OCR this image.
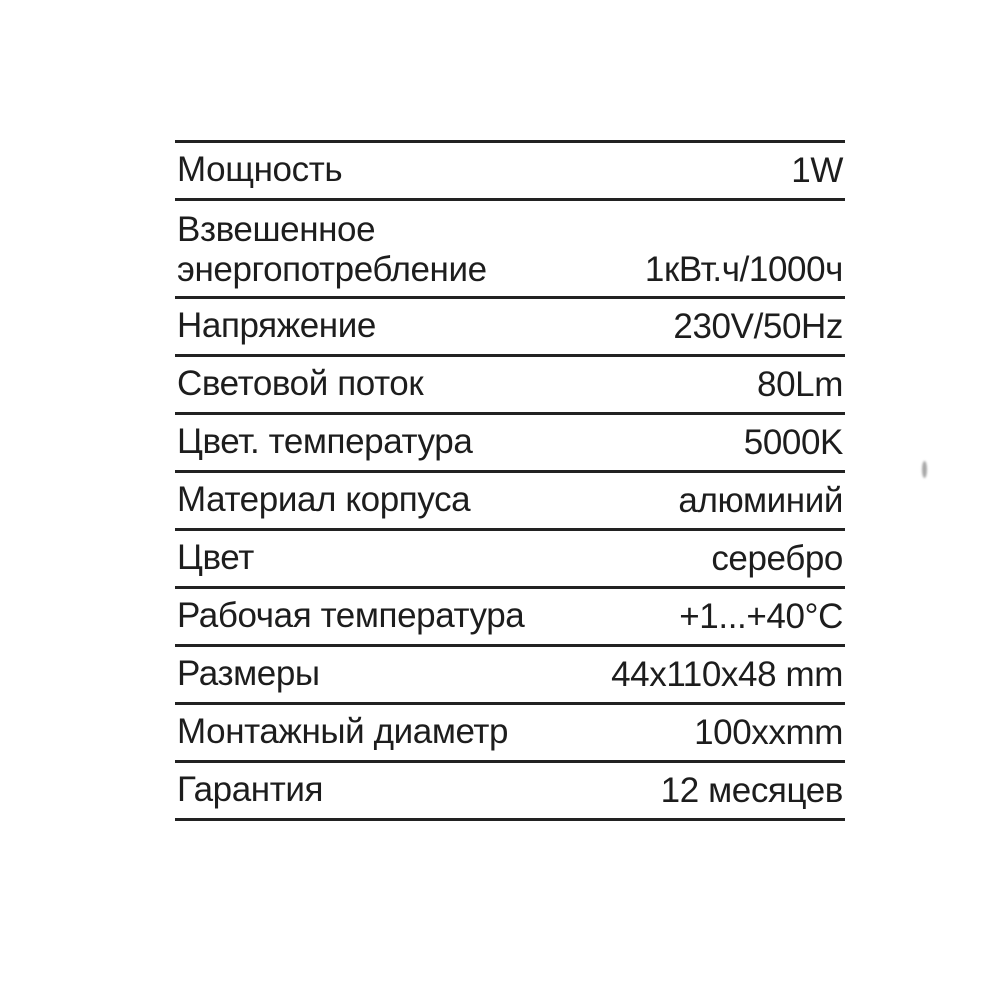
Мощность	1W
Взвешенное энергопотребление	1кВт.ч/1000ч
Напряжение	230V/50Hz
Световой поток	80Lm
Цвет. температура	5000K
Материал корпуса	алюминий
Цвет	серебро
Рабочая температура	+1...+40°C
Размеры	44x110x48 mm
Монтажный диаметр	100xxmm
Гарантия	12 месяцев
